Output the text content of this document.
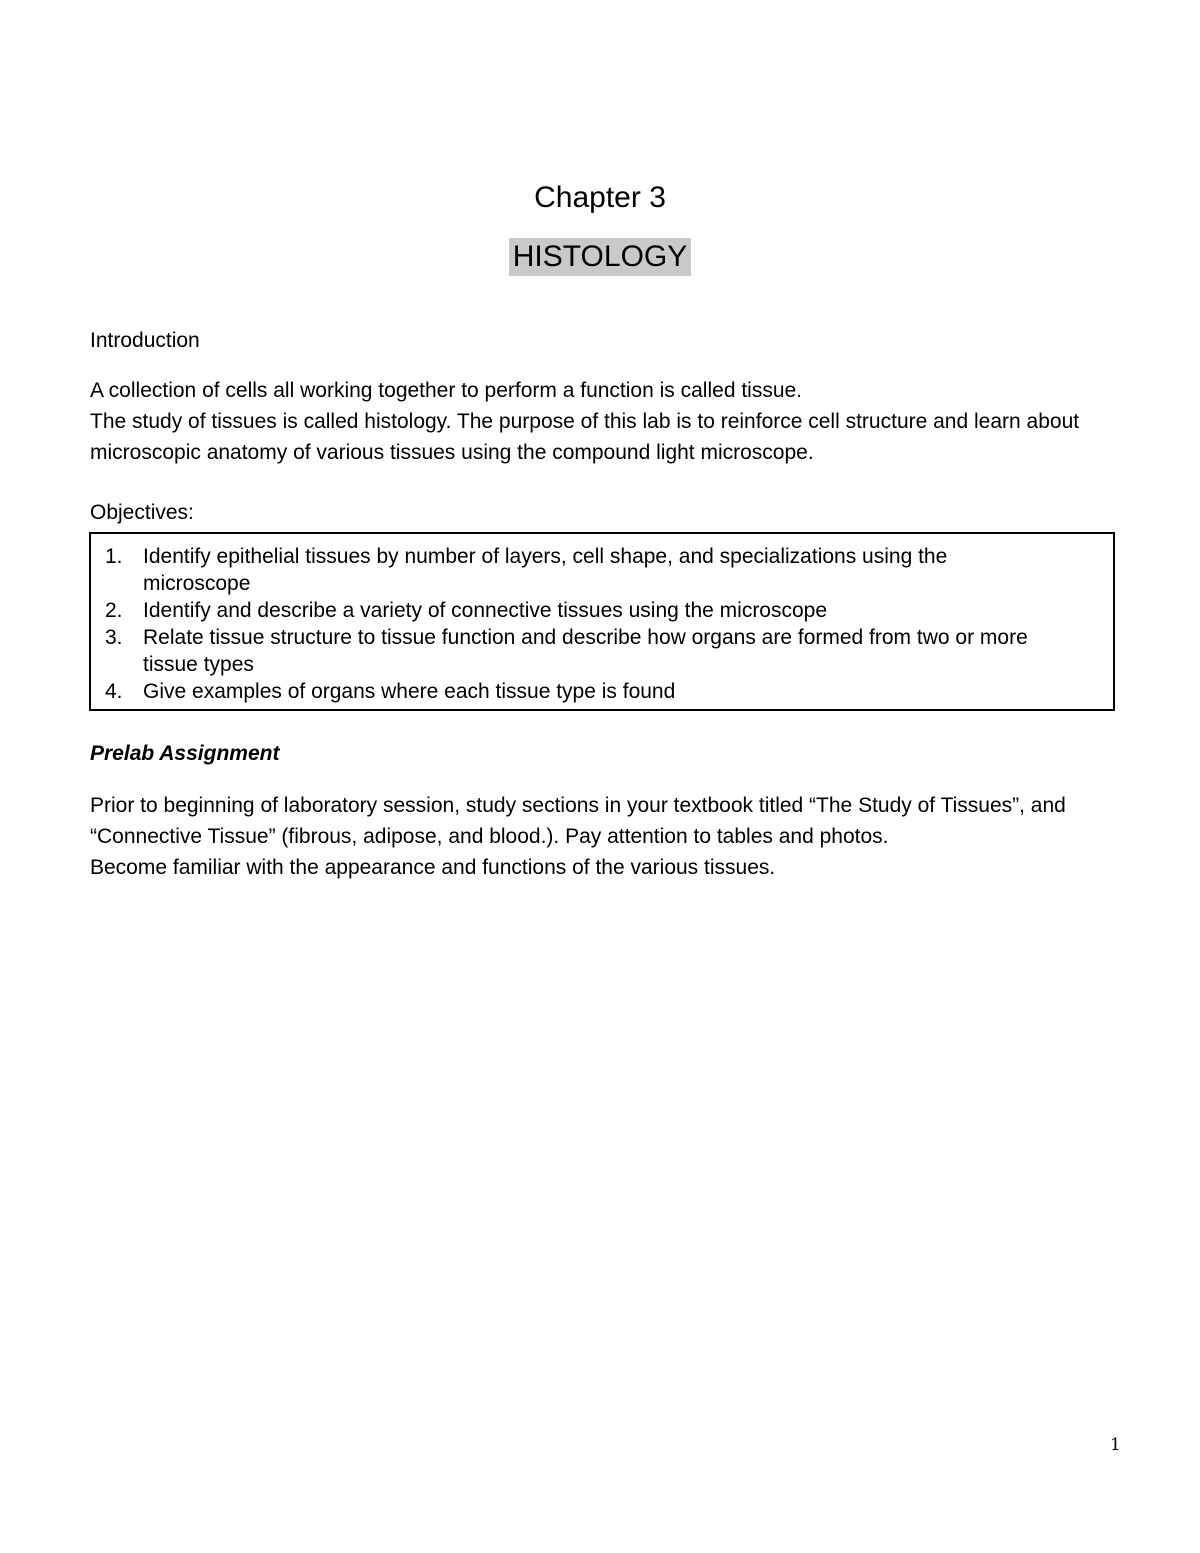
Chapter 3
HISTOLOGY
Introduction

A collection of cells all working together to perform a function is called tissue.

The study of tissues is called histology. The purpose of this lab is to reinforce cell structure and learn about microscopic anatomy of various tissues using the compound light microscope.

Objectives:
1. Identify epithelial tissues by number of layers, cell shape, and specializations using the microscope
2. Identify and describe a variety of connective tissues using the microscope
3. Relate tissue structure to tissue function and describe how organs are formed from two or more tissue types
4. Give examples of organs where each tissue type is found
Prelab Assignment

Prior to beginning of laboratory session, study sections in your textbook titled “The Study of Tissues”, and “Connective Tissue” (fibrous, adipose, and blood.). Pay attention to tables and photos.

Become familiar with the appearance and functions of the various tissues.

1
